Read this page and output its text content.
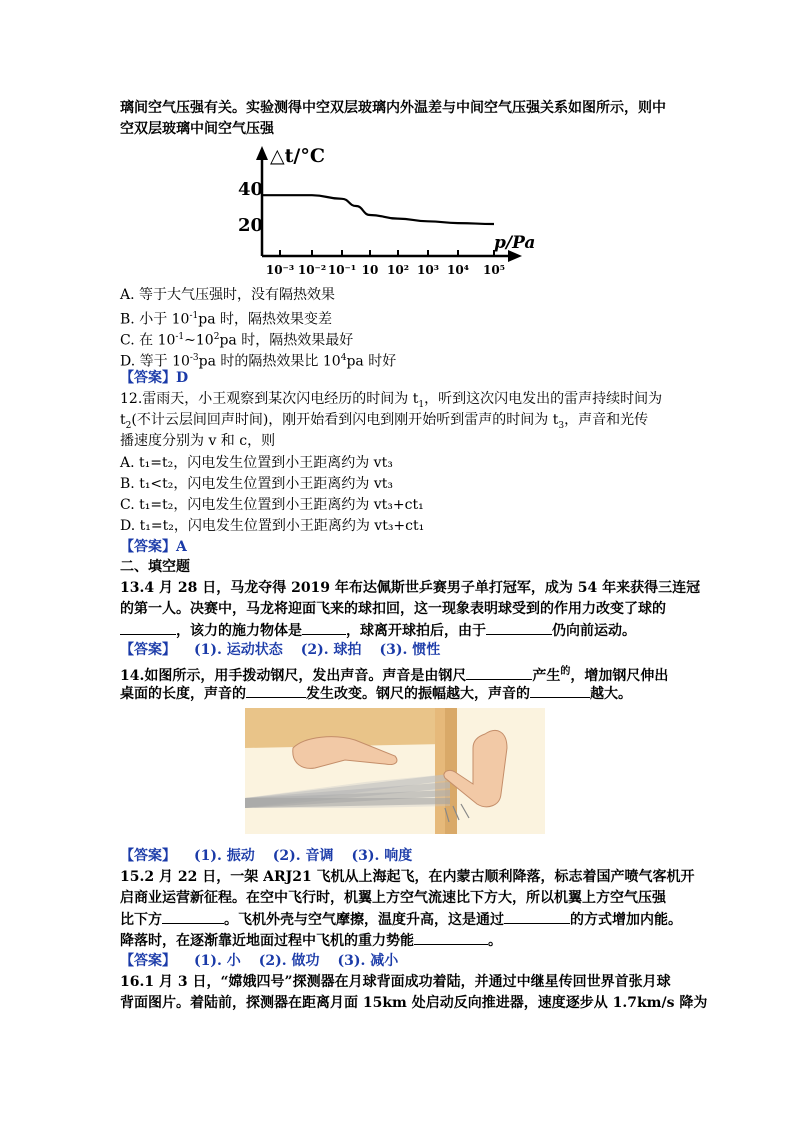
璃间空气压强有关。实验测得中空双层玻璃内外温差与中间空气压强关系如图所示，则中
空双层玻璃中间空气压强
40
20
10⁻³ 10⁻² 10⁻¹ 10 10² 10³ 10⁴ 10⁵
△t/°C
p/Pa
A. 等于大气压强时，没有隔热效果
B. 小于 $10^{-1}pa$ 时，隔热效果变差
C. 在 $10^{-1}\sim 10^2pa$ 时，隔热效果最好
D. 等于 $10^{-3}pa$ 时的隔热效果比 $10^4pa$ 时好
【答案】D
12.雷雨天，小王观察到某次闪电经历的时间为 $t_1$，听到这次闪电发出的雷声持续时间为
$t_2$(不计云层间回声时间)，刚开始看到闪电到刚开始听到雷声的时间为 $t_3$，声音和光传
播速度分别为 v 和 c，则
A. t₁=t₂，闪电发生位置到小王距离约为 vt₃
B. t₁<t₂，闪电发生位置到小王距离约为 vt₃
C. t₁=t₂，闪电发生位置到小王距离约为 vt₃+ct₁
D. t₁=t₂，闪电发生位置到小王距离约为 vt₃+ct₁
【答案】A
二、填空题
13.4 月 28 日，马龙夺得 2019 年布达佩斯世乒赛男子单打冠军，成为 54 年来获得三连冠
的第一人。决赛中，马龙将迎面飞来的球扣回，这一现象表明球受到的作用力改变了球的
，该力的施力物体是	，球离开球拍后，由于	仍向前运动。
【答案】 (1). 运动状态 (2). 球拍 (3). 惯性
14.如图所示，用手拨动钢尺，发出声音。声音是由钢尺	产生$^的$，增加钢尺伸出
桌面的长度，声音的	发生改变。钢尺的振幅越大，声音的	越大。
【答案】 (1). 振动 (2). 音调 (3). 响度
15.2 月 22 日，一架 ARJ21 飞机从上海起飞，在内蒙古顺利降落，标志着国产喷气客机开
启商业运营新征程。在空中飞行时，机翼上方空气流速比下方大，所以机翼上方空气压强
比下方	。飞机外壳与空气摩擦，温度升高，这是通过	的方式增加内能。
降落时，在逐渐靠近地面过程中飞机的重力势能	。
【答案】 (1). 小 (2). 做功 (3). 减小
16.1 月 3 日，“嫦娥四号”探测器在月球背面成功着陆，并通过中继星传回世界首张月球
背面图片。着陆前，探测器在距离月面 15km 处启动反向推进器，速度逐步从 1.7km/s 降为
